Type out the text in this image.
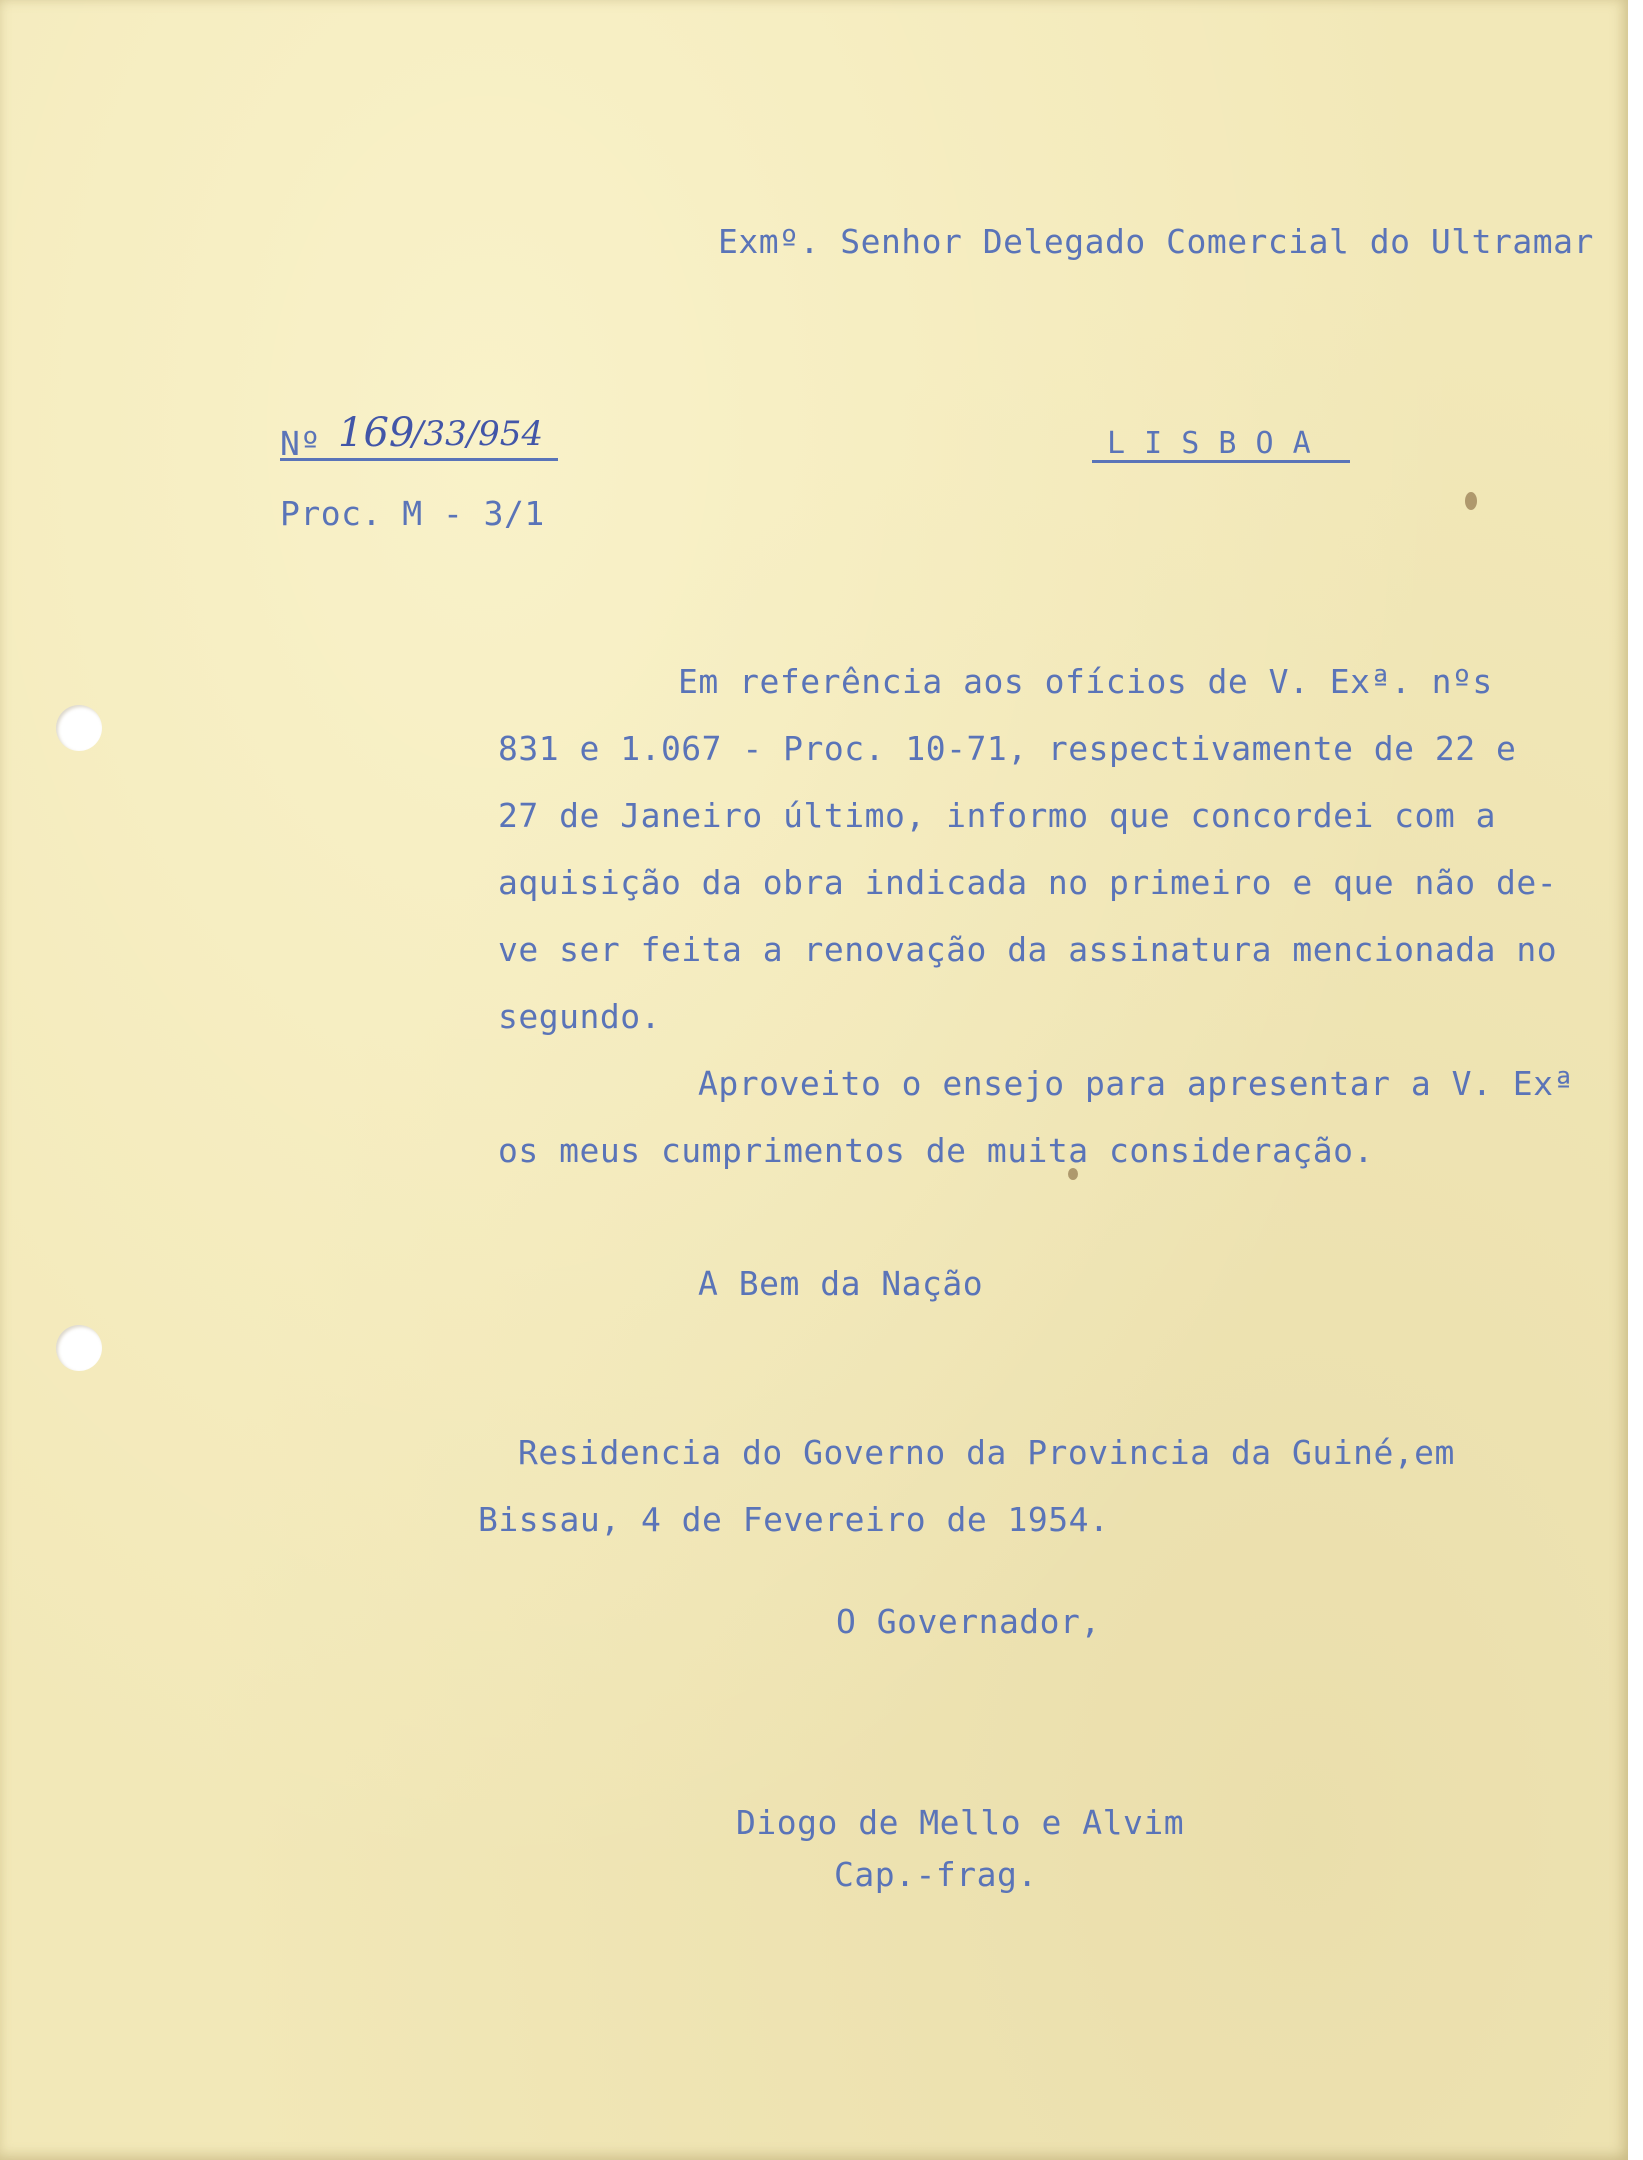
Exmº. Senhor Delegado Comercial do Ultramar

Nº 169
/33/954

Proc. M - 3/1

L I S B O A

Em referência aos ofícios de V. Exª. nºs

831 e 1.067 - Proc. 10-71, respectivamente de 22 e

27 de Janeiro último, informo que concordei com a

aquisição da obra indicada no primeiro e que não de-

ve ser feita a renovação da assinatura mencionada no

segundo.

Aproveito o ensejo para apresentar a V. Exª

os meus cumprimentos de muita consideração.

A Bem da Nação

Residencia do Governo da Provincia da Guiné,em

Bissau, 4 de Fevereiro de 1954.

O Governador,

Diogo de Mello e Alvim

Cap.-frag.
